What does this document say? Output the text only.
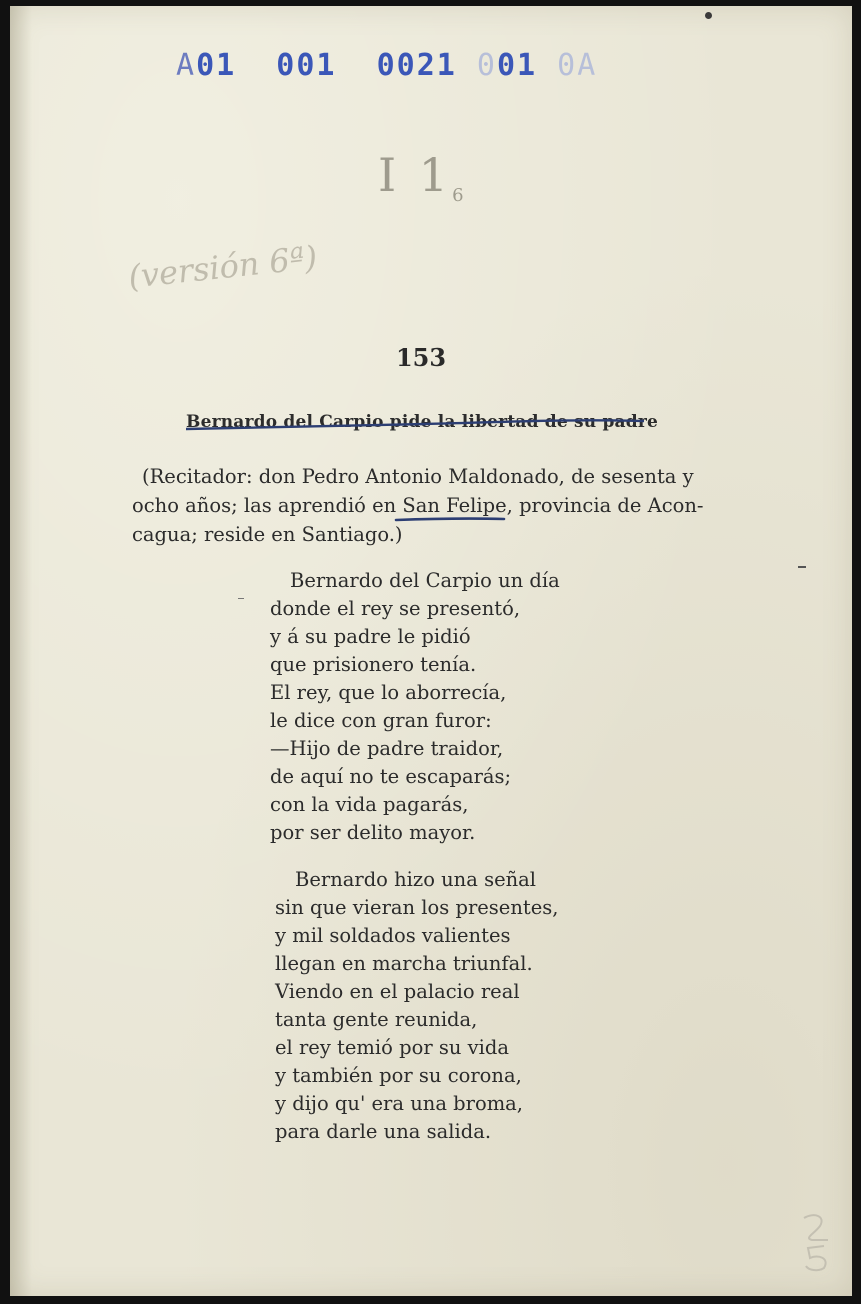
A01  001  0021 001 0A
I $1_6$
(versión 6ª)
153
Bernardo del Carpio pide la libertad de su padre
(Recitador: don Pedro Antonio Maldonado, de sesenta y
ocho años; las aprendió en San Felipe, provincia de Acon-
cagua; reside en Santiago.)
Bernardo del Carpio un día
donde el rey se presentó,
y á su padre le pidió
que prisionero tenía.
El rey, que lo aborrecía,
le dice con gran furor:
—Hijo de padre traidor,
de aquí no te escaparás;
con la vida pagarás,
por ser delito mayor.
Bernardo hizo una señal
sin que vieran los presentes,
y mil soldados valientes
llegan en marcha triunfal.
Viendo en el palacio real
tanta gente reunida,
el rey temió por su vida
y también por su corona,
y dijo qu' era una broma,
para darle una salida.
